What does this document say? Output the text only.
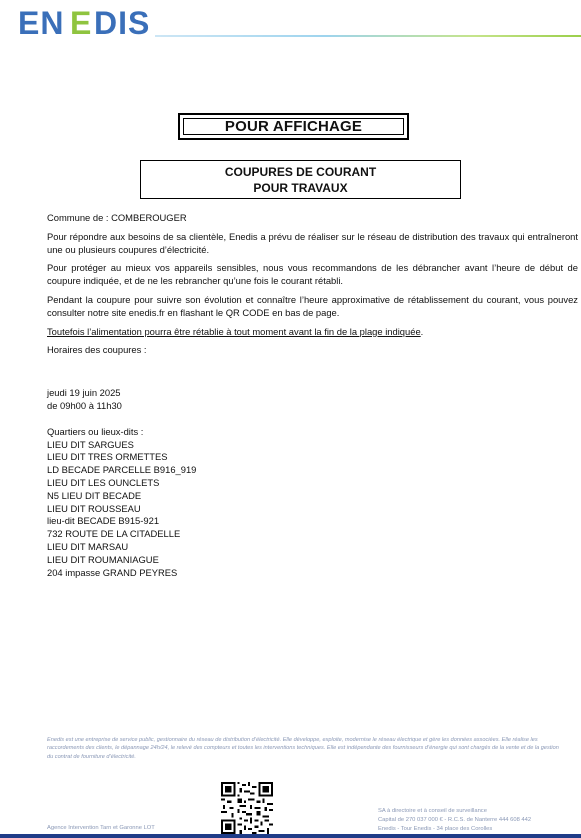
EN E DIS
POUR AFFICHAGE
COUPURES DE COURANT
POUR TRAVAUX

Commune de : COMBEROUGER

Pour répondre aux besoins de sa clientèle, Enedis a prévu de réaliser sur le réseau de distribution des travaux qui entraîneront une ou plusieurs coupures d’électricité.

Pour protéger au mieux vos appareils sensibles, nous vous recommandons de les débrancher avant l’heure de début de coupure indiquée, et de ne les rebrancher qu’une fois le courant rétabli.

Pendant la coupure pour suivre son évolution et connaître l’heure approximative de rétablissement du courant, vous pouvez consulter notre site enedis.fr en flashant le QR CODE en bas de page.

Toutefois l’alimentation pourra être rétablie à tout moment avant la fin de la plage indiquée.

Horaires des coupures :

jeudi 19 juin 2025

de 09h00 à 11h30

Quartiers ou lieux-dits :

LIEU DIT SARGUES
LIEU DIT TRES ORMETTES
LD BECADE PARCELLE B916_919
LIEU DIT LES OUNCLETS
N5 LIEU DIT BECADE
LIEU DIT ROUSSEAU
lieu-dit BECADE B915-921
732 ROUTE DE LA CITADELLE
LIEU DIT MARSAU
LIEU DIT ROUMANIAGUE
204 impasse GRAND PEYRES
Enedis est une entreprise de service public, gestionnaire du réseau de distribution d’électricité. Elle développe, exploite, modernise le réseau électrique et gère les données associées. Elle réalise les raccordements des clients, le dépannage 24h/24, le relevé des compteurs et toutes les interventions techniques. Elle est indépendante des fournisseurs d’énergie qui sont chargés de la vente et de la gestion du contrat de fourniture d’électricité.
Agence Intervention Tarn et Garonne LOT
SA à directoire et à conseil de surveillance
Capital de 270 037 000 € - R.C.S. de Nanterre 444 608 442
Enedis - Tour Enedis - 34 place des Corolles
